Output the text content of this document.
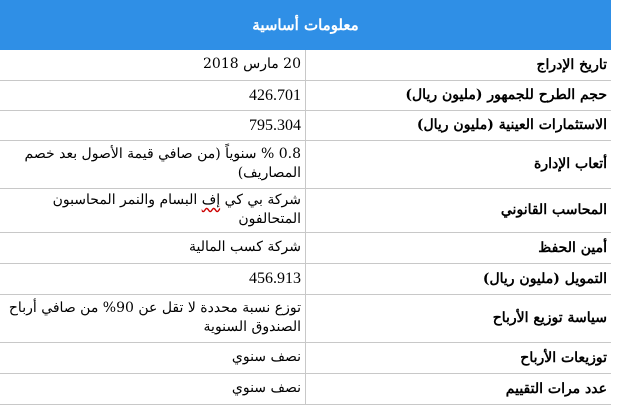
معلومات أساسية	
تاريخ الإدراج	20 مارس 2018
حجم الطرح للجمهور (مليون ريال)	426.701
الاستثمارات العينية (مليون ريال)	795.304
أتعاب الإدارة	0.8 % سنوياً (من صافي قيمة الأصول بعد خصم المصاريف)
المحاسب القانوني	شركة بي كي إف البسام والنمر المحاسبون
المتحالفون
أمين الحفظ	شركة كسب المالية
التمويل (مليون ريال)	456.913
سياسة توزيع الأرباح	توزع نسبة محددة لا تقل عن 90% من صافي أرباح الصندوق السنوية
توزيعات الأرباح	نصف سنوي
عدد مرات التقييم	نصف سنوي
